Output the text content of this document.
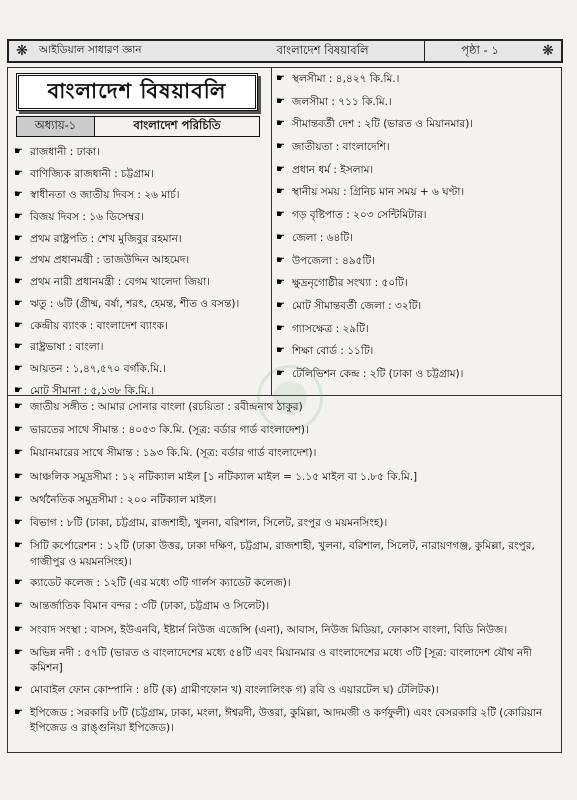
❋	আইডিয়াল সাধারণ জ্ঞান	বাংলাদেশ বিষয়াবলি	পৃষ্ঠা - ১	❋
বাংলাদেশ বিষয়াবলি
অধ্যায়-১	বাংলাদেশ পরিচিতি
☛ রাজধানী : ঢাকা।
☛ বাণিজ্যিক রাজধানী : চট্টগ্রাম।
☛ স্বাধীনতা ও জাতীয় দিবস : ২৬ মার্চ।
☛ বিজয় দিবস : ১৬ ডিসেম্বর।
☛ প্রথম রাষ্ট্রপতি : শেখ মুজিবুর রহমান।
☛ প্রথম প্রধানমন্ত্রী : তাজউদ্দিন আহমেদ।
☛ প্রথম নারী প্রধানমন্ত্রী : বেগম খালেদা জিয়া।
☛ ঋতু : ৬টি (গ্রীষ্ম, বর্ষা, শরৎ, হেমন্ত, শীত ও বসন্ত)।
☛ কেন্দ্রীয় ব্যাংক : বাংলাদেশ ব্যাংক।
☛ রাষ্ট্রভাষা : বাংলা।
☛ আয়তন : ১,৪৭,৫৭০ বর্গকি.মি.।
☛ মোট সীমানা : ৫,১৩৮ কি.মি.।
☛ স্থলসীমা : ৪,৪২৭ কি.মি.।
☛ জলসীমা : ৭১১ কি.মি.।
☛ সীমান্তবর্তী দেশ : ২টি (ভারত ও মিয়ানমার)।
☛ জাতীয়তা : বাংলাদেশি।
☛ প্রধান ধর্ম : ইসলাম।
☛ স্থানীয় সময় : গ্রিনিচ মান সময় + ৬ ঘণ্টা।
☛ গড় বৃষ্টিপাত : ২০৩ সেন্টিমিটার।
☛ জেলা : ৬৪টি।
☛ উপজেলা : ৪৯৫টি।
☛ ক্ষুদ্রনৃগোষ্ঠীর সংখ্যা : ৫০টি।
☛ মোট সীমান্তবর্তী জেলা : ৩২টি।
☛ গ্যাসক্ষেত্র : ২৯টি।
☛ শিক্ষা বোর্ড : ১১টি।
☛ টেলিভিশন কেন্দ্র : ২টি (ঢাকা ও চট্টগ্রাম)।
☛ জাতীয় সঙ্গীত : আমার সোনার বাংলা (রচয়িতা : রবীন্দ্রনাথ ঠাকুর)
☛ ভারতের সাথে সীমান্ত : ৪০৫৩ কি.মি. (সূত্র: বর্ডার গার্ড বাংলাদেশ)।
☛ মিয়ানমারের সাথে সীমান্ত : ১৯৩ কি.মি. (সূত্র: বর্ডার গার্ড বাংলাদেশ)।
☛ আঞ্চলিক সমুদ্রসীমা : ১২ নটিক্যাল মাইল [১ নটিক্যাল মাইল = ১.১৫ মাইল বা ১.৮৫ কি.মি.]
☛ অর্থনৈতিক সমুদ্রসীমা : ২০০ নটিক্যাল মাইল।
☛ বিভাগ : ৮টি (ঢাকা, চট্টগ্রাম, রাজশাহী, খুলনা, বরিশাল, সিলেট, রংপুর ও ময়মনসিংহ)।
☛ সিটি কর্পোরেশন : ১২টি (ঢাকা উত্তর, ঢাকা দক্ষিণ, চট্টগ্রাম, রাজশাহী, খুলনা, বরিশাল, সিলেট, নারায়ণগঞ্জ, কুমিল্লা, রংপুর, গাজীপুর ও ময়মনসিংহ)।
☛ ক্যাডেট কলেজ : ১২টি (এর মধ্যে ৩টি গার্লস ক্যাডেট কলেজ)।
☛ আন্তর্জাতিক বিমান বন্দর : ৩টি (ঢাকা, চট্টগ্রাম ও সিলেট)।
☛ সংবাদ সংস্থা : বাসস, ইউএনবি, ইষ্টার্ন নিউজ এজেন্সি (এনা), আবাস, নিউজ মিডিয়া, ফোকাস বাংলা, বিডি নিউজ।
☛ অভিন্ন নদী : ৫৭টি (ভারত ও বাংলাদেশের মধ্যে ৫৪টি এবং মিয়ানমার ও বাংলাদেশের মধ্যে ৩টি [সূত্র: বাংলাদেশ যৌথ নদী কমিশন]
☛ মোবাইল ফোন কোম্পানি : ৪টি (ক) গ্রামীণফোন খ) বাংলালিংক গ) রবি ও এয়ারটেল ঘ) টেলিটক)।
☛ ইপিজেড : সরকারি ৮টি (চট্টগ্রাম, ঢাকা, মংলা, ঈশ্বরদী, উত্তরা, কুমিল্লা, আদমজী ও কর্ণফুলী) এবং বেসরকারি ২টি (কোরিয়ান ইপিজেড ও রাঙ্গুনিয়া ইপিজেড)।
